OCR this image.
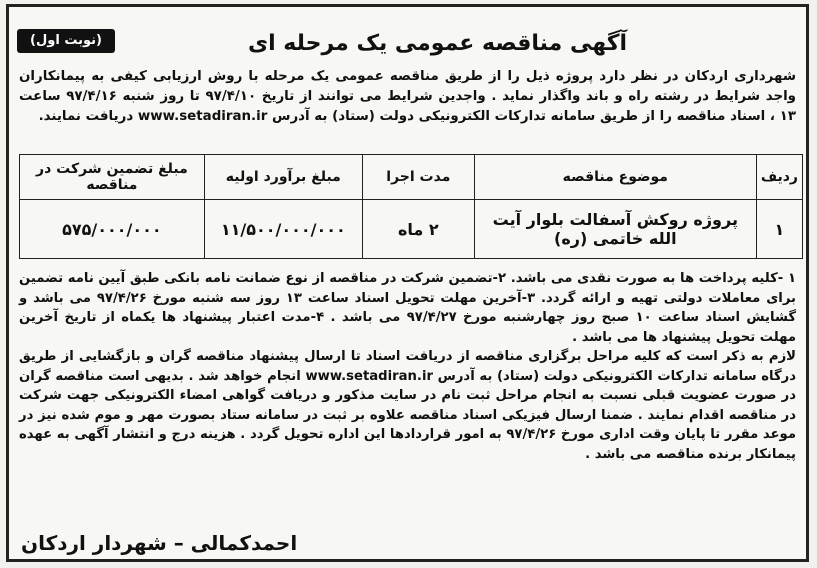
(نوبت اول)	آگهی مناقصه عمومی یک مرحله ای
شهرداری اردکان در نظر دارد پروژه ذیل را از طریق مناقصه عمومی یک مرحله با روش ارزیابی کیفی به پیمانکاران واجد شرایط در رشته راه و باند واگذار نماید . واجدین شرایط می توانند از تاریخ ۹۷/۴/۱۰ تا روز شنبه ۹۷/۴/۱۶ ساعت ۱۳ ، اسناد مناقصه را از طریق سامانه تدارکات الکترونیکی دولت (ستاد) به آدرس www.setadiran.ir دریافت نمایند.
ردیف	موضوع مناقصه	مدت اجرا	مبلغ برآورد اولیه	مبلغ تضمین شرکت در مناقصه
۱	پروژه روکش آسفالت بلوار آیت الله خاتمی (ره)	۲ ماه	۱۱/۵۰۰/۰۰۰/۰۰۰	۵۷۵/۰۰۰/۰۰۰

۱ -کلیه پرداخت ها به صورت نقدی می باشد. ۲-تضمین شرکت در مناقصه از نوع ضمانت نامه بانکی طبق آیین نامه تضمین برای معاملات دولتی تهیه و ارائه گردد. ۳-آخرین مهلت تحویل اسناد ساعت ۱۳ روز سه شنبه مورخ ۹۷/۴/۲۶ می باشد و گشایش اسناد ساعت ۱۰ صبح روز چهارشنبه مورخ ۹۷/۴/۲۷ می باشد . ۴-مدت اعتبار پیشنهاد ها یکماه از تاریخ آخرین مهلت تحویل پیشنهاد ها می باشد .

لازم به ذکر است که کلیه مراحل برگزاری مناقصه از دریافت اسناد تا ارسال پیشنهاد مناقصه گران و بازگشایی از طریق درگاه سامانه تدارکات الکترونیکی دولت (ستاد) به آدرس www.setadiran.ir انجام خواهد شد . بدیهی است مناقصه گران در صورت عضویت قبلی نسبت به انجام مراحل ثبت نام در سایت مذکور و دریافت گواهی امضاء الکترونیکی جهت شرکت در مناقصه اقدام نمایند . ضمنا ارسال فیزیکی اسناد مناقصه علاوه بر ثبت در سامانه ستاد بصورت مهر و موم شده نیز در موعد مقرر تا پایان وقت اداری مورخ ۹۷/۴/۲۶ به امور قراردادها این اداره تحویل گردد . هزینه درج و انتشار آگهی به عهده پیمانکار برنده مناقصه می باشد .

احمدکمالی – شهردار اردکان
